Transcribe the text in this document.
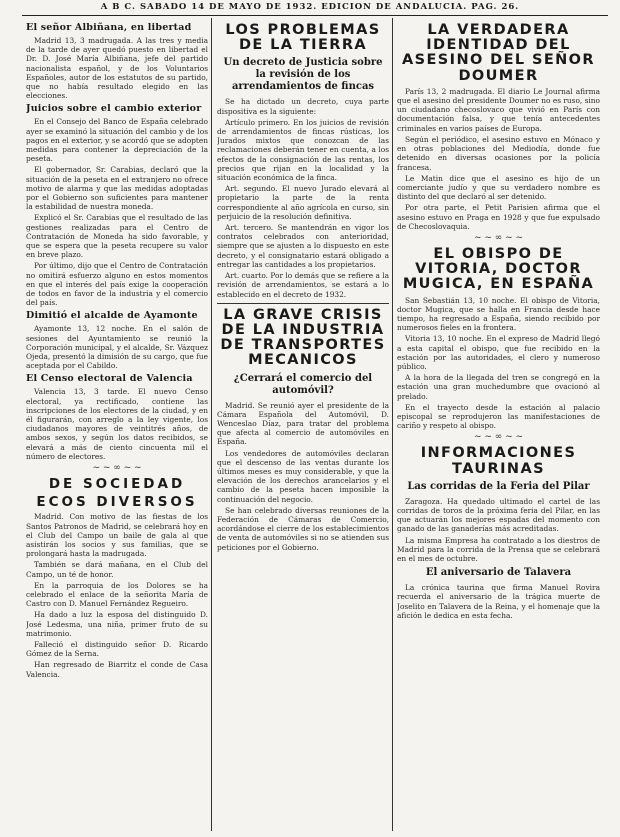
A B C. SABADO 14 DE MAYO DE 1932. EDICION DE ANDALUCIA. PAG. 26.
El señor Albiñana, en libertad

Madrid 13, 3 madrugada. A las tres y media de la tarde de ayer quedó puesto en libertad el Dr. D. José María Albiñana, jefe del partido nacionalista español, y de los Voluntarios Españoles, autor de los estatutos de su partido, que no había resultado elegido en las elecciones.

Juicios sobre el cambio exterior

En el Consejo del Banco de España celebrado ayer se examinó la situación del cambio y de los pagos en el exterior, y se acordó que se adopten medidas para contener la depreciación de la peseta.

El gobernador, Sr. Carabias, declaró que la situación de la peseta en el extranjero no ofrece motivo de alarma y que las medidas adoptadas por el Gobierno son suficientes para mantener la estabilidad de nuestra moneda.

Explicó el Sr. Carabias que el resultado de las gestiones realizadas para el Centro de Contratación de Moneda ha sido favorable, y que se espera que la peseta recupere su valor en breve plazo.

Por último, dijo que el Centro de Contratación no omitirá esfuerzo alguno en estos momentos en que el interés del país exige la cooperación de todos en favor de la industria y el comercio del país.

Dimitió el alcalde de Ayamonte

Ayamonte 13, 12 noche. En el salón de sesiones del Ayuntamiento se reunió la Corporación municipal, y el alcalde, Sr. Vázquez Ojeda, presentó la dimisión de su cargo, que fue aceptada por el Cabildo.

El Censo electoral de Valencia

Valencia 13, 3 tarde. El nuevo Censo electoral, ya rectificado, contiene las inscripciones de los electores de la ciudad, y en él figurarán, con arreglo a la ley vigente, los ciudadanos mayores de veintitrés años, de ambos sexos, y según los datos recibidos, se elevará a más de ciento cincuenta mil el número de electores.

~ ~ ∞ ~ ~
DE SOCIEDAD
ECOS DIVERSOS

Madrid. Con motivo de las fiestas de los Santos Patronos de Madrid, se celebrará hoy en el Club del Campo un baile de gala al que asistirán los socios y sus familias, que se prolongará hasta la madrugada.

También se dará mañana, en el Club del Campo, un té de honor.

En la parroquia de los Dolores se ha celebrado el enlace de la señorita María de Castro con D. Manuel Fernández Regueiro.

Ha dado a luz la esposa del distinguido D. José Ledesma, una niña, primer fruto de su matrimonio.

Falleció el distinguido señor D. Ricardo Gómez de la Serna.

Han regresado de Biarritz el conde de Casa Valencia.

LOS PROBLEMAS DE LA TIERRA
Un decreto de Justicia sobre la revisión de los arrendamientos de fincas

Se ha dictado un decreto, cuya parte dispositiva es la siguiente:

Artículo primero. En los juicios de revisión de arrendamientos de fincas rústicas, los Jurados mixtos que conozcan de las reclamaciones deberán tener en cuenta, a los efectos de la consignación de las rentas, los precios que rijan en la localidad y la situación económica de la finca.

Art. segundo. El nuevo Jurado elevará al propietario la parte de la renta correspondiente al año agrícola en curso, sin perjuicio de la resolución definitiva.

Art. tercero. Se mantendrán en vigor los contratos celebrados con anterioridad, siempre que se ajusten a lo dispuesto en este decreto, y el consignatario estará obligado a entregar las cantidades a los propietarios.

Art. cuarto. Por lo demás que se refiere a la revisión de arrendamientos, se estará a lo establecido en el decreto de 1932.

LA GRAVE CRISIS DE LA INDUSTRIA DE TRANSPORTES MECANICOS
¿Cerrará el comercio del automóvil?

Madrid. Se reunió ayer el presidente de la Cámara Española del Automóvil, D. Wenceslao Díaz, para tratar del problema que afecta al comercio de automóviles en España.

Los vendedores de automóviles declaran que el descenso de las ventas durante los últimos meses es muy considerable, y que la elevación de los derechos arancelarios y el cambio de la peseta hacen imposible la continuación del negocio.

Se han celebrado diversas reuniones de la Federación de Cámaras de Comercio, acordándose el cierre de los establecimientos de venta de automóviles si no se atienden sus peticiones por el Gobierno.

LA VERDADERA IDENTIDAD DEL ASESINO DEL SEÑOR DOUMER

París 13, 2 madrugada. El diario Le Journal afirma que el asesino del presidente Doumer no es ruso, sino un ciudadano checoslovaco que vivió en París con documentación falsa, y que tenía antecedentes criminales en varios países de Europa.

Según el periódico, el asesino estuvo en Mónaco y en otras poblaciones del Mediodía, donde fue detenido en diversas ocasiones por la policía francesa.

Le Matin dice que el asesino es hijo de un comerciante judío y que su verdadero nombre es distinto del que declaró al ser detenido.

Por otra parte, el Petit Parisien afirma que el asesino estuvo en Praga en 1928 y que fue expulsado de Checoslovaquia.

~ ~ ∞ ~ ~
EL OBISPO DE VITORIA, DOCTOR MUGICA, EN ESPAÑA

San Sebastián 13, 10 noche. El obispo de Vitoria, doctor Mugica, que se halla en Francia desde hace tiempo, ha regresado a España, siendo recibido por numerosos fieles en la frontera.

Vitoria 13, 10 noche. En el expreso de Madrid llegó a esta capital el obispo, que fue recibido en la estación por las autoridades, el clero y numeroso público.

A la hora de la llegada del tren se congregó en la estación una gran muchedumbre que ovacionó al prelado.

En el trayecto desde la estación al palacio episcopal se reprodujeron las manifestaciones de cariño y respeto al obispo.

~ ~ ∞ ~ ~
INFORMACIONES TAURINAS
Las corridas de la Feria del Pilar

Zaragoza. Ha quedado ultimado el cartel de las corridas de toros de la próxima feria del Pilar, en las que actuarán los mejores espadas del momento con ganado de las ganaderías más acreditadas.

La misma Empresa ha contratado a los diestros de Madrid para la corrida de la Prensa que se celebrará en el mes de octubre.

El aniversario de Talavera

La crónica taurina que firma Manuel Rovira recuerda el aniversario de la trágica muerte de Joselito en Talavera de la Reina, y el homenaje que la afición le dedica en esta fecha.
